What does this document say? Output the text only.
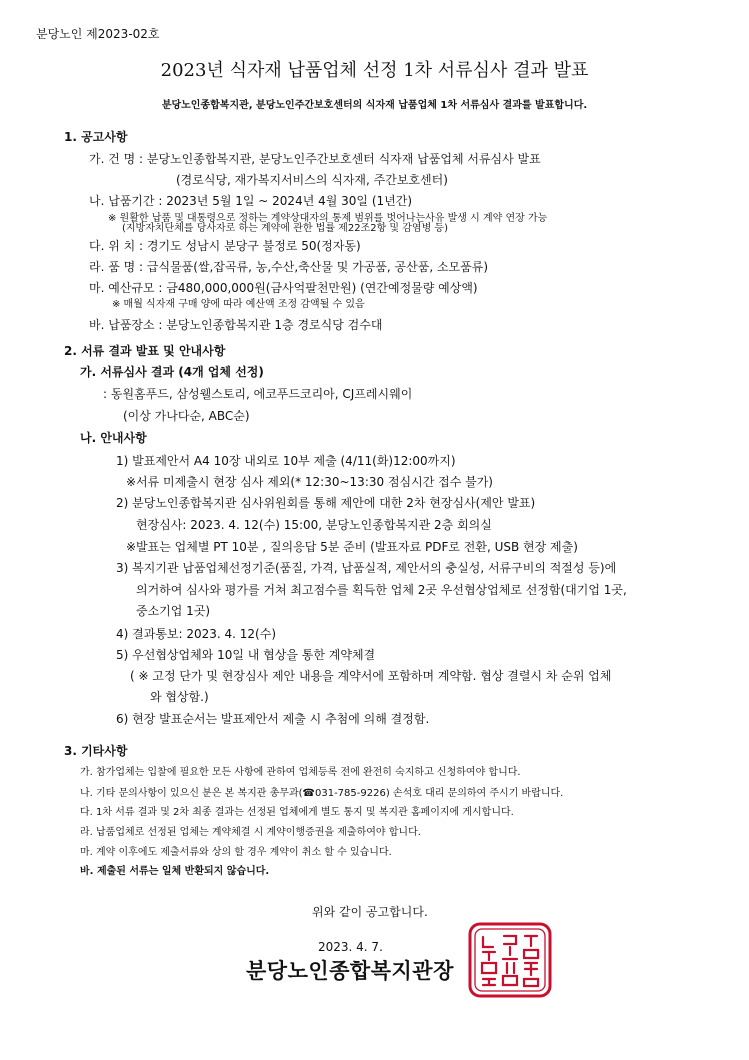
분당노인 제2023-02호
2023년 식자재 납품업체 선정 1차 서류심사 결과 발표
분당노인종합복지관, 분당노인주간보호센터의 식자재 납품업체 1차 서류심사 결과를 발표합니다.
1. 공고사항
가. 건 명 : 분당노인종합복지관, 분당노인주간보호센터 식자재 납품업체 서류심사 발표
(경로식당, 재가복지서비스의 식자재, 주간보호센터)
나. 납품기간 : 2023년 5월 1일 ~ 2024년 4월 30일 (1년간)
※ 원활한 납품 및 대통령으로 정하는 계약상대자의 통제 범위를 벗어나는사유 발생 시 계약 연장 가능
(지방자치단체를 당사자로 하는 계약에 관한 법률 제22조2항 및 감염병 등)
다. 위 치 : 경기도 성남시 분당구 불정로 50(정자동)
라. 품 명 : 급식물품(쌀,잡곡류, 농,수산,축산물 및 가공품, 공산품, 소모품류)
마. 예산규모 : 금480,000,000원(금사억팔천만원) (연간예정물량 예상액)
※ 매월 식자재 구매 양에 따라 예산액 조정 감액될 수 있음
바. 납품장소 : 분당노인종합복지관 1층 경로식당 검수대
2. 서류 결과 발표 및 안내사항
가. 서류심사 결과 (4개 업체 선정)
: 동원홈푸드, 삼성웰스토리, 에코푸드코리아, CJ프레시웨이
(이상 가나다순, ABC순)
나. 안내사항
1) 발표제안서 A4 10장 내외로 10부 제출 (4/11(화)12:00까지)
※서류 미제출시 현장 심사 제외(* 12:30~13:30 점심시간 접수 불가)
2) 분당노인종합복지관 심사위원회를 통해 제안에 대한 2차 현장심사(제안 발표)
현장심사: 2023. 4. 12(수) 15:00, 분당노인종합복지관 2층 회의실
※발표는 업체별 PT 10분 , 질의응답 5분 준비 (발표자료 PDF로 전환, USB 현장 제출)
3) 복지기관 납품업체선정기준(품질, 가격, 납품실적, 제안서의 충실성, 서류구비의 적절성 등)에
의거하여 심사와 평가를 거쳐 최고점수를 획득한 업체 2곳 우선협상업체로 선정함(대기업 1곳,
중소기업 1곳)
4) 결과통보: 2023. 4. 12(수)
5) 우선협상업체와 10일 내 협상을 통한 계약체결
( ※ 고정 단가 및 현장심사 제안 내용을 계약서에 포함하며 계약함. 협상 결렬시 차 순위 업체
와 협상함.)
6) 현장 발표순서는 발표제안서 제출 시 추첨에 의해 결정함.
3. 기타사항
가. 참가업체는 입찰에 필요한 모든 사항에 관하여 업체등록 전에 완전히 숙지하고 신청하여야 합니다.
나. 기타 문의사항이 있으신 분은 본 복지관 총무과(☎031-785-9226) 손석호 대리 문의하여 주시기 바랍니다.
다. 1차 서류 결과 및 2차 최종 결과는 선정된 업체에게 별도 통지 및 복지관 홈페이지에 게시합니다.
라. 납품업체로 선정된 업체는 계약체결 시 계약이행증권을 제출하여야 합니다.
마. 계약 이후에도 제출서류와 상의 할 경우 계약이 취소 할 수 있습니다.
바. 제출된 서류는 일체 반환되지 않습니다.
위와 같이 공고합니다.
2023. 4. 7.
분당노인종합복지관장
